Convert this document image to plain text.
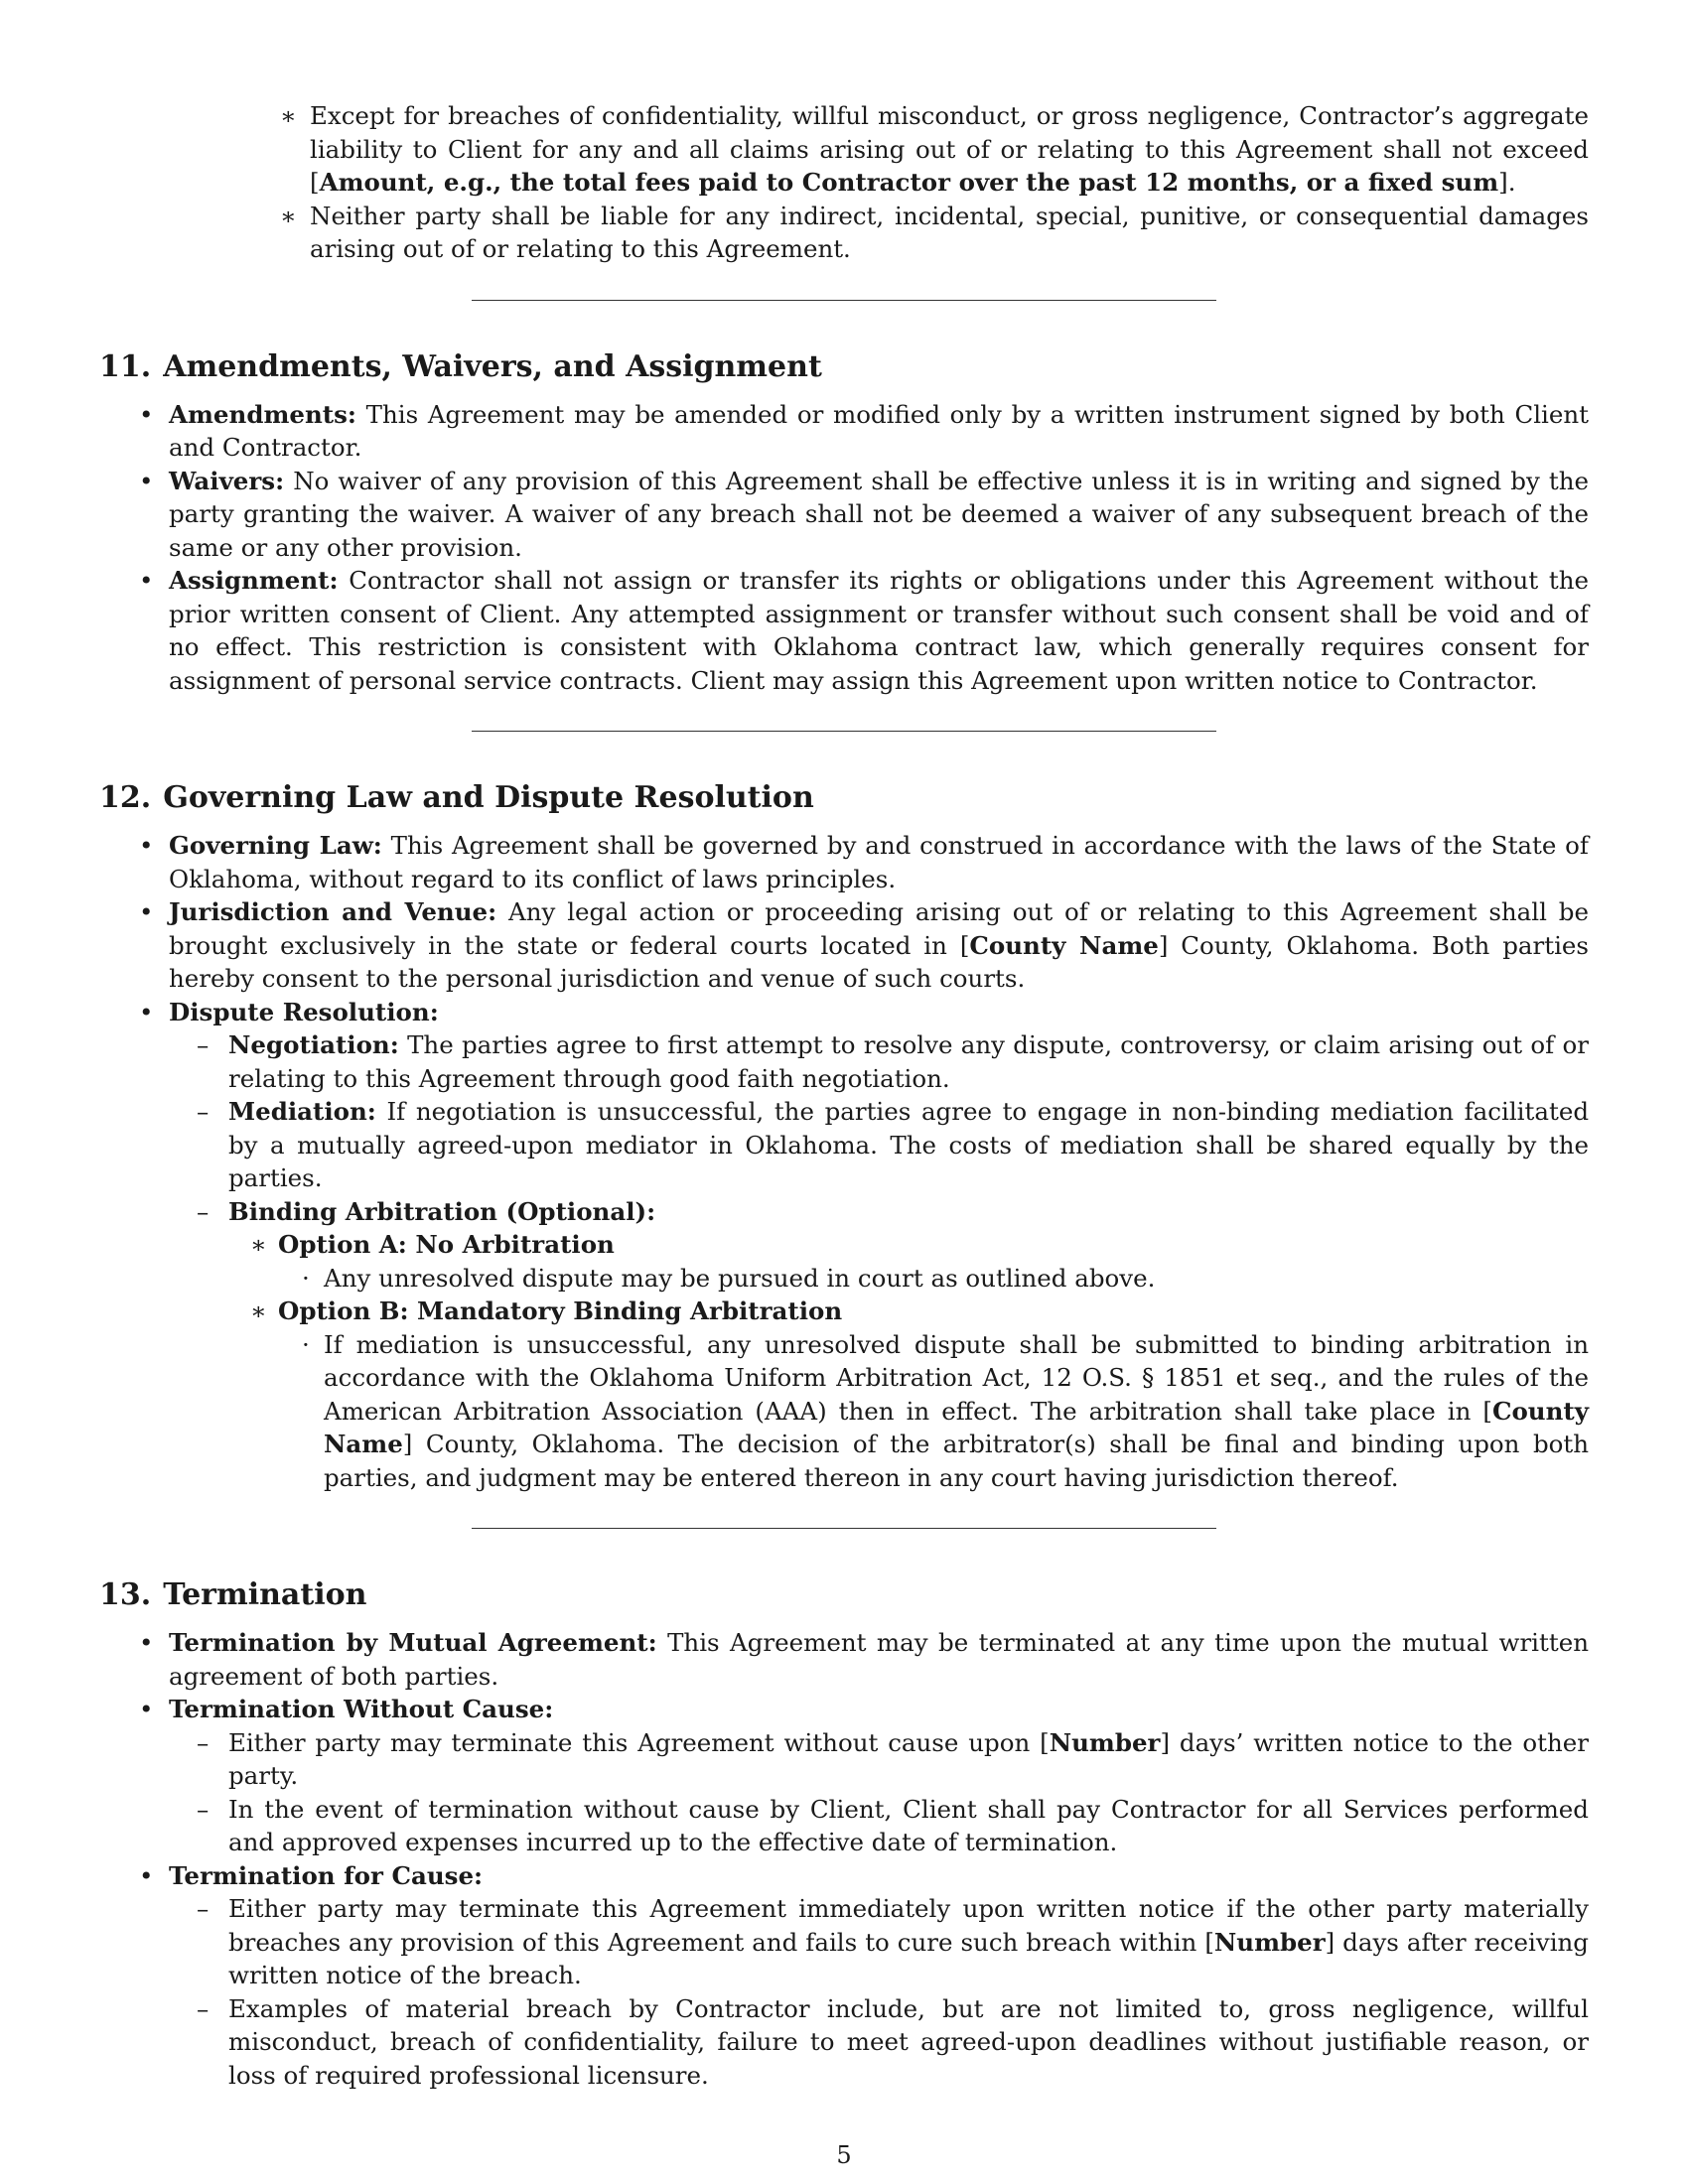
∗ Except for breaches of confidentiality, willful misconduct, or gross negligence, Contractor’s aggregate liability to Client for any and all claims arising out of or relating to this Agreement shall not exceed [Amount, e.g., the total fees paid to Contractor over the past 12 months, or a fixed sum].
∗ Neither party shall be liable for any indirect, incidental, special, punitive, or consequential damages arising out of or relating to this Agreement.
11. Amendments, Waivers, and Assignment
• Amendments: This Agreement may be amended or modified only by a written instrument signed by both Client and Contractor.
• Waivers: No waiver of any provision of this Agreement shall be effective unless it is in writing and signed by the party granting the waiver. A waiver of any breach shall not be deemed a waiver of any subsequent breach of the same or any other provision.
• Assignment: Contractor shall not assign or transfer its rights or obligations under this Agreement without the prior written consent of Client. Any attempted assignment or transfer without such consent shall be void and of no effect. This restriction is consistent with Oklahoma contract law, which generally requires consent for assignment of personal service contracts. Client may assign this Agreement upon written notice to Contractor.
12. Governing Law and Dispute Resolution
• Governing Law: This Agreement shall be governed by and construed in accordance with the laws of the State of Oklahoma, without regard to its conflict of laws principles.
• Jurisdiction and Venue: Any legal action or proceeding arising out of or relating to this Agreement shall be brought exclusively in the state or federal courts located in [County Name] County, Oklahoma. Both parties hereby consent to the personal jurisdiction and venue of such courts.
• Dispute Resolution:
– Negotiation: The parties agree to first attempt to resolve any dispute, controversy, or claim arising out of or relating to this Agreement through good faith negotiation.
– Mediation: If negotiation is unsuccessful, the parties agree to engage in non-binding mediation facilitated by a mutually agreed-upon mediator in Oklahoma. The costs of mediation shall be shared equally by the parties.
– Binding Arbitration (Optional):
∗ Option A: No Arbitration
· Any unresolved dispute may be pursued in court as outlined above.
∗ Option B: Mandatory Binding Arbitration
· If mediation is unsuccessful, any unresolved dispute shall be submitted to binding arbitration in accordance with the Oklahoma Uniform Arbitration Act, 12 O.S. § 1851 et seq., and the rules of the American Arbitration Association (AAA) then in effect. The arbitration shall take place in [County Name] County, Oklahoma. The decision of the arbitrator(s) shall be final and binding upon both parties, and judgment may be entered thereon in any court having jurisdiction thereof.
13. Termination
• Termination by Mutual Agreement: This Agreement may be terminated at any time upon the mutual written agreement of both parties.
• Termination Without Cause:
– Either party may terminate this Agreement without cause upon [Number] days’ written notice to the other party.
– In the event of termination without cause by Client, Client shall pay Contractor for all Services performed and approved expenses incurred up to the effective date of termination.
• Termination for Cause:
– Either party may terminate this Agreement immediately upon written notice if the other party materially breaches any provision of this Agreement and fails to cure such breach within [Number] days after receiving written notice of the breach.
– Examples of material breach by Contractor include, but are not limited to, gross negligence, willful misconduct, breach of confidentiality, failure to meet agreed-upon deadlines without justifiable reason, or loss of required professional licensure.
5
